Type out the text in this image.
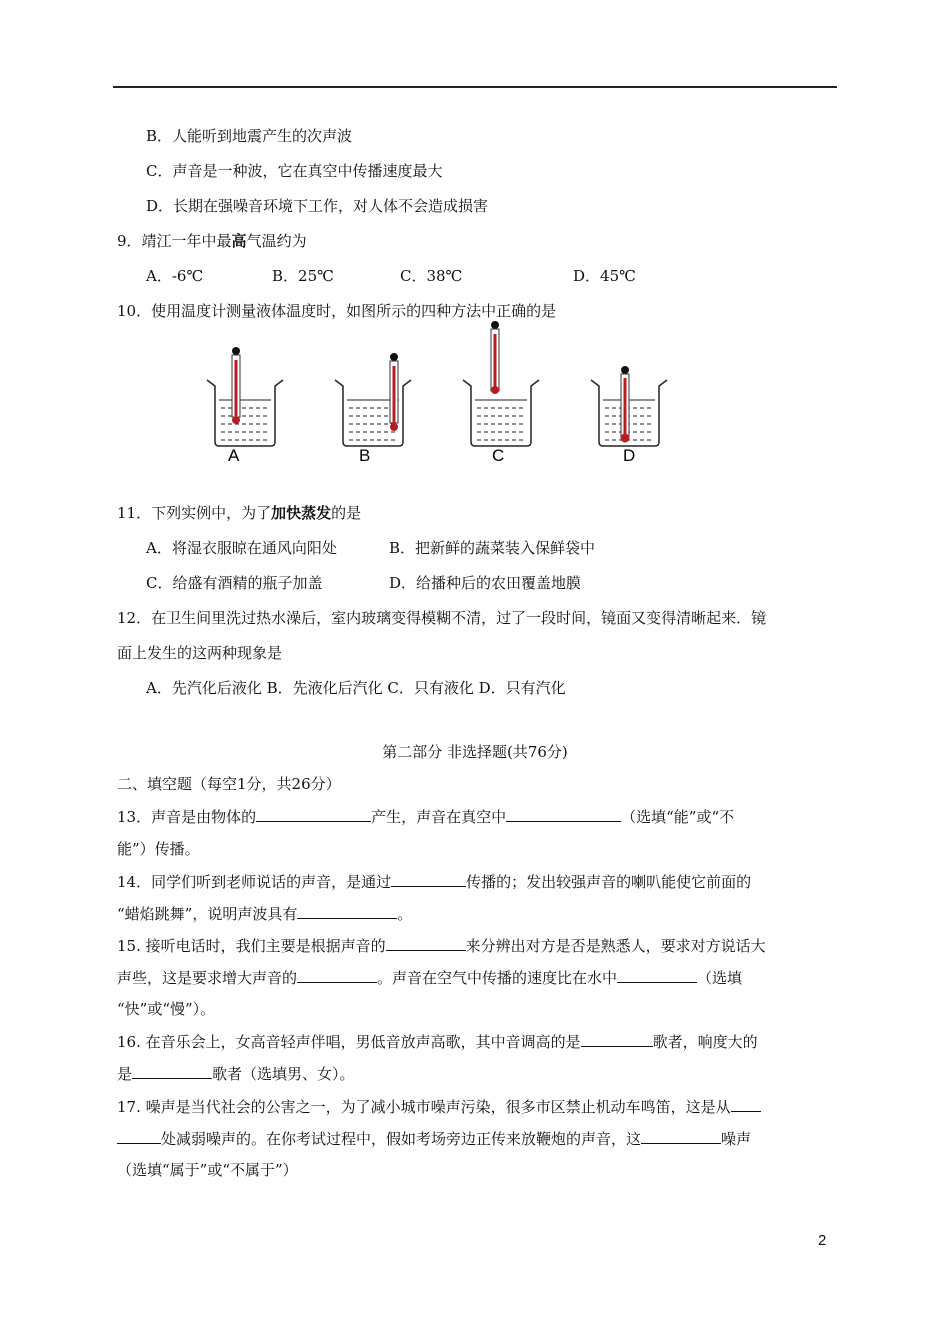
B．人能听到地震产生的次声波
C．声音是一种波，它在真空中传播速度最大
D．长期在强噪音环境下工作，对人体不会造成损害
9．靖江一年中最高气温约为
A．-6℃	B．25℃	C．38℃	D．45℃
10．使用温度计测量液体温度时，如图所示的四种方法中正确的是
A	B	C	D
11．下列实例中，为了加快蒸发的是
A．将湿衣服晾在通风向阳处	B．把新鲜的蔬菜装入保鲜袋中
C．给盛有酒精的瓶子加盖	D．给播种后的农田覆盖地膜
12．在卫生间里洗过热水澡后，室内玻璃变得模糊不清，过了一段时间，镜面又变得清晰起来．镜
面上发生的这两种现象是
A．先汽化后液化 B．先液化后汽化 C．只有液化 D．只有汽化
第二部分 非选择题(共76分)
二、填空题（每空1分，共26分）
13．声音是由物体的	产生，声音在真空中	（选填“能”或“不
能”）传播。
14．同学们听到老师说话的声音，是通过	传播的；发出较强声音的喇叭能使它前面的
“蜡焰跳舞”，说明声波具有	。
15. 接听电话时，我们主要是根据声音的	来分辨出对方是否是熟悉人，要求对方说话大
声些，这是要求增大声音的	。声音在空气中传播的速度比在水中	（选填
“快”或“慢”）。
16. 在音乐会上，女高音轻声伴唱，男低音放声高歌，其中音调高的是	歌者，响度大的
是	歌者（选填男、女）。
17. 噪声是当代社会的公害之一，为了减小城市噪声污染，很多市区禁止机动车鸣笛，这是从
处减弱噪声的。在你考试过程中，假如考场旁边正传来放鞭炮的声音，这	噪声
（选填“属于”或“不属于”）
2
